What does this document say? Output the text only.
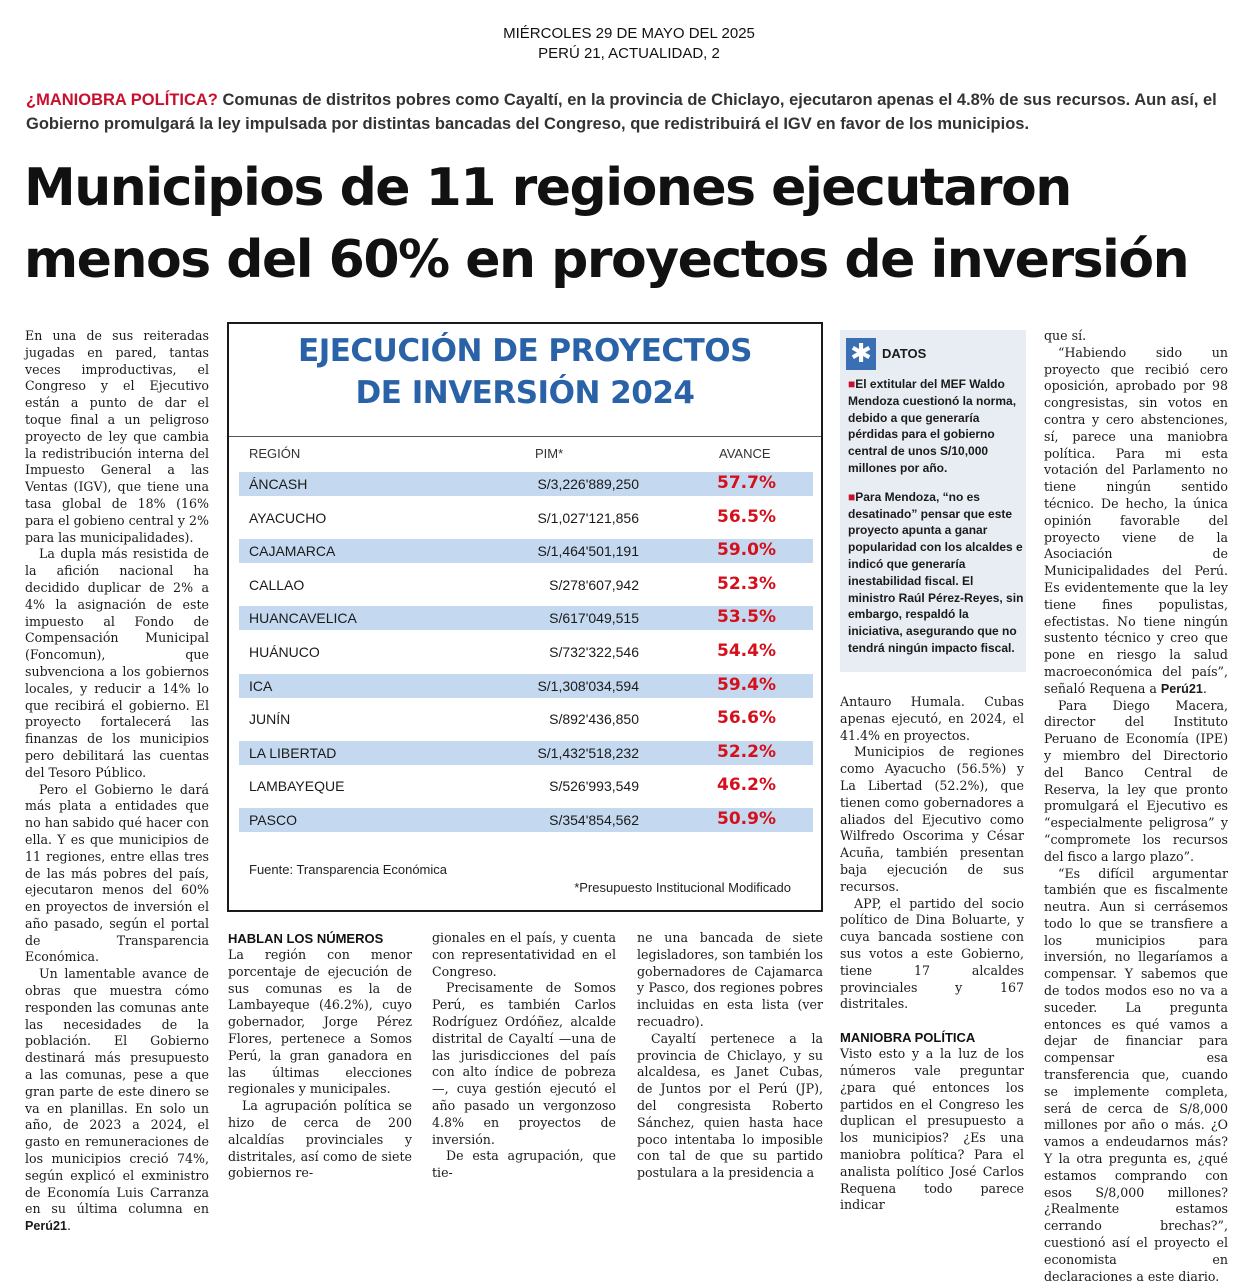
MIÉRCOLES 29 DE MAYO DEL 2025
PERÚ 21, ACTUALIDAD, 2
¿MANIOBRA POLÍTICA? Comunas de distritos pobres como Cayaltí, en la provincia de Chiclayo, ejecutaron apenas el 4.8% de sus recursos. Aun así, el Gobierno promulgará la ley impulsada por distintas bancadas del Congreso, que redistribuirá el IGV en favor de los municipios.
Municipios de 11 regiones ejecutaron
menos del 60% en proyectos de inversión

En una de sus reiteradas jugadas en pared, tantas veces improductivas, el Congreso y el Ejecutivo están a punto de dar el toque final a un peligroso proyecto de ley que cambia la redistribución interna del Impuesto General a las Ventas (IGV), que tiene una tasa global de 18% (16% para el gobieno central y 2% para las municipalidades).

La dupla más resistida de la afición nacional ha decidido duplicar de 2% a 4% la asignación de este impuesto al Fondo de Compensación Municipal (Foncomun), que subvenciona a los gobiernos locales, y reducir a 14% lo que recibirá el gobierno. El proyecto fortalecerá las finanzas de los municipios pero debilitará las cuentas del Tesoro Público.

Pero el Gobierno le dará más plata a entidades que no han sabido qué hacer con ella. Y es que municipios de 11 regiones, entre ellas tres de las más pobres del país, ejecutaron menos del 60% en proyectos de inversión el año pasado, según el portal de Transparencia Económica.

Un lamentable avance de obras que muestra cómo responden las comunas ante las necesidades de la población. El Gobierno destinará más presupuesto a las comunas, pese a que gran parte de este dinero se va en planillas. En solo un año, de 2023 a 2024, el gasto en remuneraciones de los municipios creció 74%, según explicó el exministro de Economía Luis Carranza en su última columna en Perú21.

EJECUCIÓN DE PROYECTOS
DE INVERSIÓN 2024
REGIÓN	PIM*	AVANCE
ÁNCASH	S/3,226'889,250	57.7%
AYACUCHO	S/1,027'121,856	56.5%
CAJAMARCA	S/1,464'501,191	59.0%
CALLAO	S/278'607,942	52.3%
HUANCAVELICA	S/617'049,515	53.5%
HUÁNUCO	S/732'322,546	54.4%
ICA	S/1,308'034,594	59.4%
JUNÍN	S/892'436,850	56.6%
LA LIBERTAD	S/1,432'518,232	52.2%
LAMBAYEQUE	S/526'993,549	46.2%
PASCO	S/354'854,562	50.9%
Fuente: Transparencia Económica
*Presupuesto Institucional Modificado
✱ DATOS

■El extitular del MEF Waldo Mendoza cuestionó la norma, debido a que generaría pérdidas para el gobierno central de unos S/10,000 millones por año.

■Para Mendoza, “no es desatinado” pensar que este proyecto apunta a ganar popularidad con los alcaldes e indicó que generaría inestabilidad fiscal. El ministro Raúl Pérez-Reyes, sin embargo, respaldó la iniciativa, asegurando que no tendrá ningún impacto fiscal.

HABLAN LOS NÚMEROS

La región con menor porcentaje de ejecución de sus comunas es la de Lambayeque (46.2%), cuyo gobernador, Jorge Pérez Flores, pertenece a Somos Perú, la gran ganadora en las últimas elecciones regionales y municipales.

La agrupación política se hizo de cerca de 200 alcaldías provinciales y distritales, así como de siete gobiernos re-

gionales en el país, y cuenta con representatividad en el Congreso.

Precisamente de Somos Perú, es también Carlos Rodríguez Ordóñez, alcalde distrital de Cayaltí —una de las jurisdicciones del país con alto índice de pobreza—, cuya gestión ejecutó el año pasado un vergonzoso 4.8% en proyectos de inversión.

De esta agrupación, que tie-

ne una bancada de siete legisladores, son también los gobernadores de Cajamarca y Pasco, dos regiones pobres incluidas en esta lista (ver recuadro).

Cayaltí pertenece a la provincia de Chiclayo, y su alcaldesa, es Janet Cubas, de Juntos por el Perú (JP), del congresista Roberto Sánchez, quien hasta hace poco intentaba lo imposible con tal de que su partido postulara a la presidencia a

Antauro Humala. Cubas apenas ejecutó, en 2024, el 41.4% en proyectos.

Municipios de regiones como Ayacucho (56.5%) y La Libertad (52.2%), que tienen como gobernadores a aliados del Ejecutivo como Wilfredo Oscorima y César Acuña, también presentan baja ejecución de sus recursos.

APP, el partido del socio político de Dina Boluarte, y cuya bancada sostiene con sus votos a este Gobierno, tiene 17 alcaldes provinciales y 167 distritales.

MANIOBRA POLÍTICA

Visto esto y a la luz de los números vale preguntar ¿para qué entonces los partidos en el Congreso les duplican el presupuesto a los municipios? ¿Es una maniobra política? Para el analista político José Carlos Requena todo parece indicar

que sí.

“Habiendo sido un proyecto que recibió cero oposición, aprobado por 98 congresistas, sin votos en contra y cero abstenciones, sí, parece una maniobra política. Para mi esta votación del Parlamento no tiene ningún sentido técnico. De hecho, la única opinión favorable del proyecto viene de la Asociación de Municipalidades del Perú. Es evidentemente que la ley tiene fines populistas, efectistas. No tiene ningún sustento técnico y creo que pone en riesgo la salud macroeconómica del país”, señaló Requena a Perú21.

Para Diego Macera, director del Instituto Peruano de Economía (IPE) y miembro del Directorio del Banco Central de Reserva, la ley que pronto promulgará el Ejecutivo es “especialmente peligrosa” y “compromete los recursos del fisco a largo plazo”.

“Es difícil argumentar también que es fiscalmente neutra. Aun si cerrásemos todo lo que se transfiere a los municipios para inversión, no llegaríamos a compensar. Y sabemos que de todos modos eso no va a suceder. La pregunta entonces es qué vamos a dejar de financiar para compensar esa transferencia que, cuando se implemente completa, será de cerca de S/8,000 millones por año o más. ¿O vamos a endeudarnos más? Y la otra pregunta es, ¿qué estamos comprando con esos S/8,000 millones? ¿Realmente estamos cerrando brechas?”, cuestionó así el proyecto el economista en declaraciones a este diario.
